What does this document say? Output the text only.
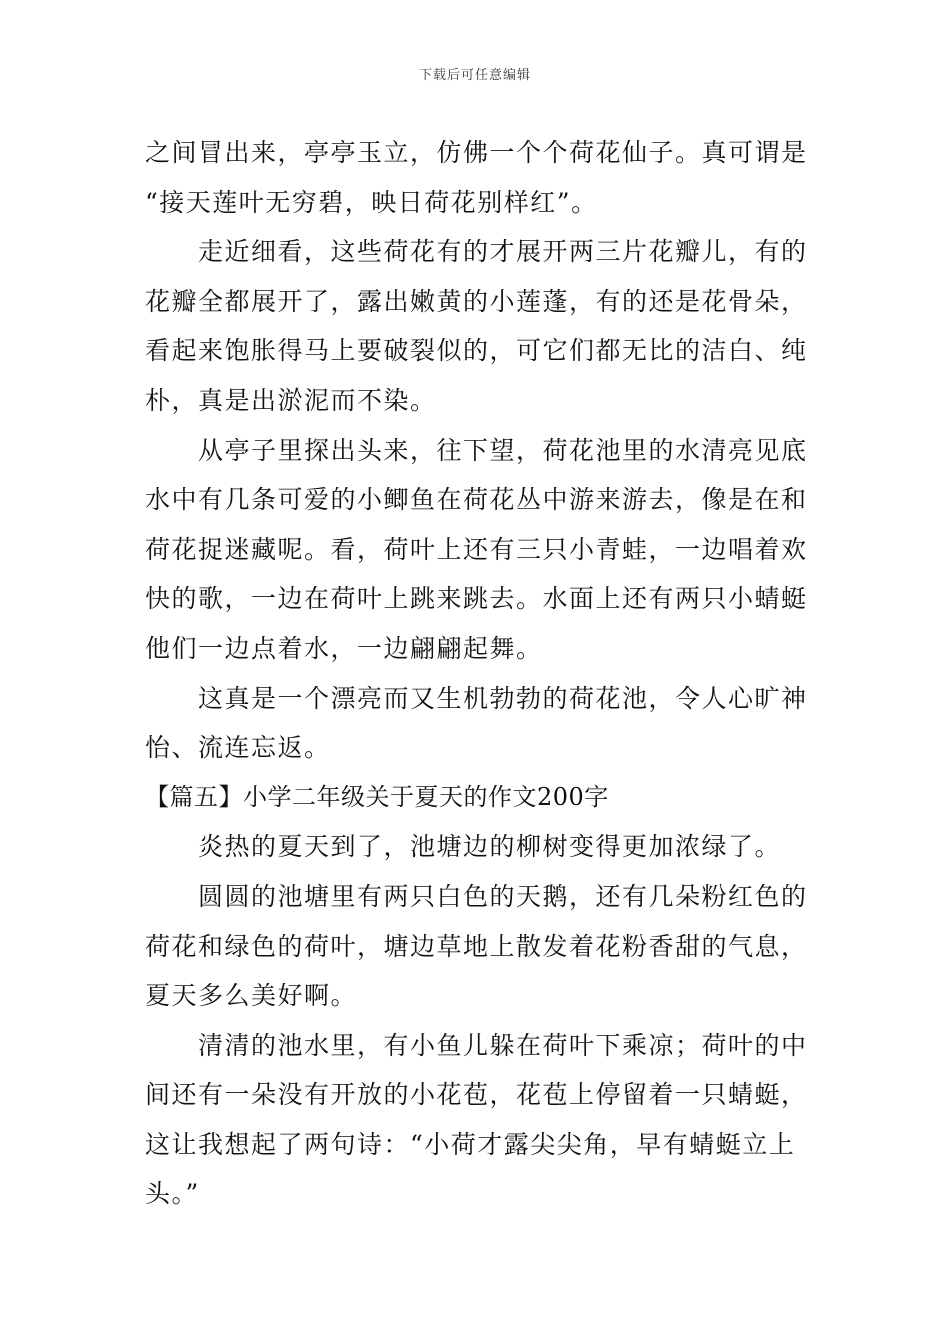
下载后可任意编辑
之间冒出来，亭亭玉立，仿佛一个个荷花仙子。真可谓是
“接天莲叶无穷碧，映日荷花别样红”。
走近细看，这些荷花有的才展开两三片花瓣儿，有的
花瓣全都展开了，露出嫩黄的小莲蓬，有的还是花骨朵，
看起来饱胀得马上要破裂似的，可它们都无比的洁白、纯
朴，真是出淤泥而不染。
从亭子里探出头来，往下望，荷花池里的水清亮见底
水中有几条可爱的小鲫鱼在荷花丛中游来游去，像是在和
荷花捉迷藏呢。看，荷叶上还有三只小青蛙，一边唱着欢
快的歌，一边在荷叶上跳来跳去。水面上还有两只小蜻蜓
他们一边点着水，一边翩翩起舞。
这真是一个漂亮而又生机勃勃的荷花池，令人心旷神
怡、流连忘返。
【篇五】小学二年级关于夏天的作文200字
炎热的夏天到了，池塘边的柳树变得更加浓绿了。
圆圆的池塘里有两只白色的天鹅，还有几朵粉红色的
荷花和绿色的荷叶，塘边草地上散发着花粉香甜的气息，
夏天多么美好啊。
清清的池水里，有小鱼儿躲在荷叶下乘凉；荷叶的中
间还有一朵没有开放的小花苞，花苞上停留着一只蜻蜓，
这让我想起了两句诗：“小荷才露尖尖角，早有蜻蜓立上
头。”
